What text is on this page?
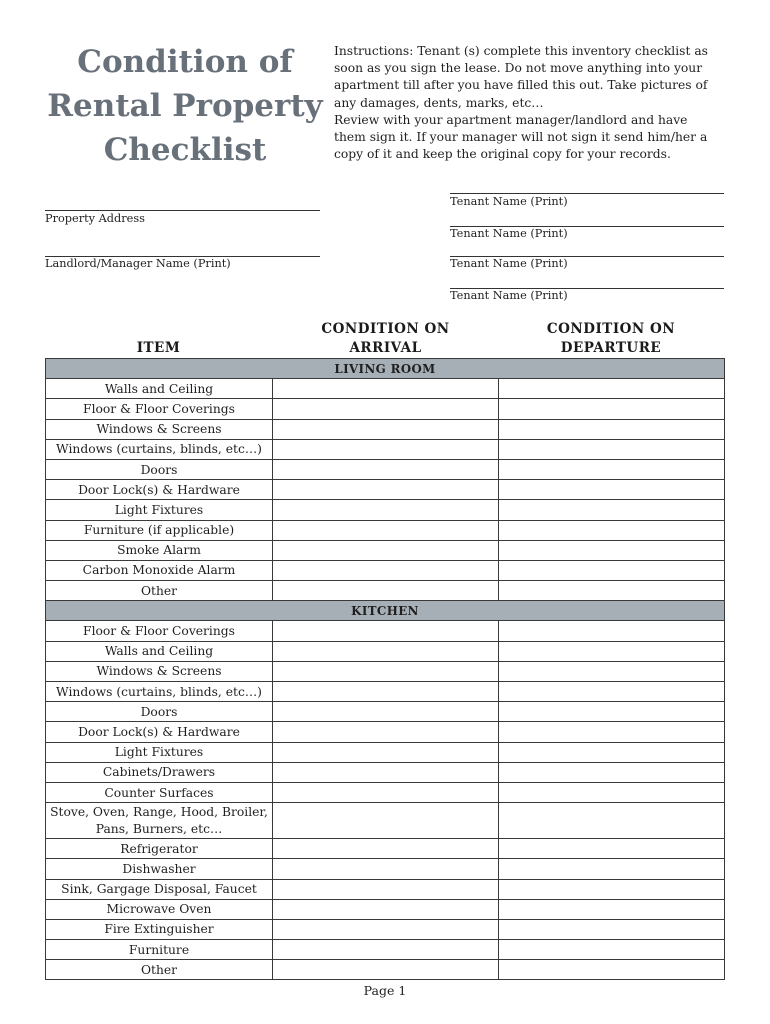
Condition of
Rental Property
Checklist
Instructions: Tenant (s) complete this inventory checklist as
soon as you sign the lease. Do not move anything into your
apartment till after you have filled this out. Take pictures of
any damages, dents, marks, etc…
Review with your apartment manager/landlord and have
them sign it. If your manager will not sign it send him/her a
copy of it and keep the original copy for your records.
Property Address
Landlord/Manager Name (Print)
Tenant Name (Print)
Tenant Name (Print)
Tenant Name (Print)
Tenant Name (Print)
ITEM
CONDITION ON
ARRIVAL
CONDITION ON
DEPARTURE
LIVING ROOM		
Walls and Ceiling		
Floor & Floor Coverings		
Windows & Screens		
Windows (curtains, blinds, etc…)		
Doors		
Door Lock(s) & Hardware		
Light Fixtures		
Furniture (if applicable)		
Smoke Alarm		
Carbon Monoxide Alarm		
Other		
KITCHEN		
Floor & Floor Coverings		
Walls and Ceiling		
Windows & Screens		
Windows (curtains, blinds, etc…)		
Doors		
Door Lock(s) & Hardware		
Light Fixtures		
Cabinets/Drawers		
Counter Surfaces		
Stove, Oven, Range, Hood, Broiler, Pans, Burners, etc…		
Refrigerator		
Dishwasher		
Sink, Gargage Disposal, Faucet		
Microwave Oven		
Fire Extinguisher		
Furniture		
Other		
Page 1
